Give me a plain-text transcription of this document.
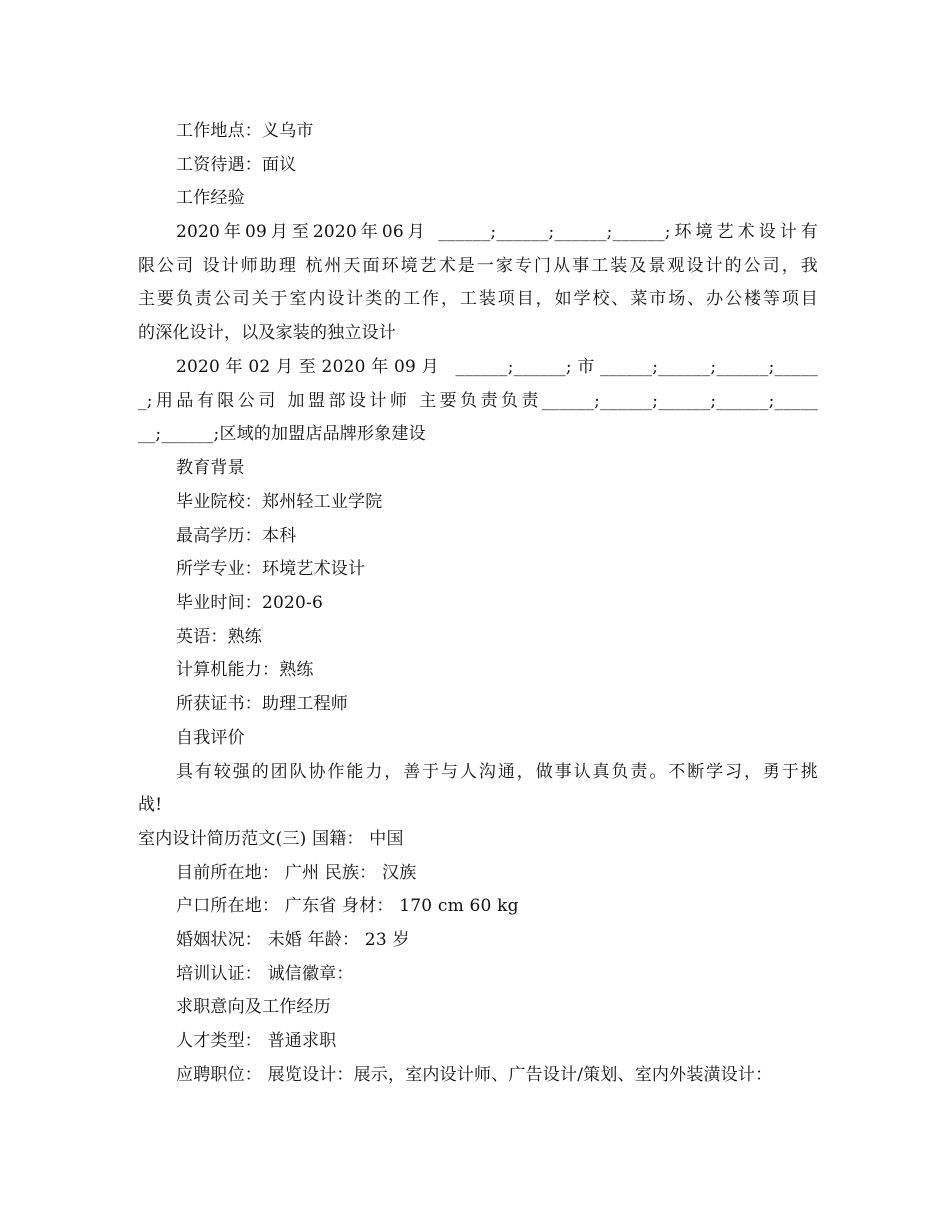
工作地点：义乌市
工资待遇：面议
工作经验
2020年09月至2020年06月 ______;______;______;______;环境艺术设计有
限公司 设计师助理 杭州天面环境艺术是一家专门从事工装及景观设计的公司，我
主要负责公司关于室内设计类的工作，工装项目，如学校、菜市场、办公楼等项目
的深化设计，以及家装的独立设计
2020年02月至2020年09月 ______;______;市______;______;______;_____
_;用品有限公司 加盟部设计师 主要负责负责______;______;______;______;_____
__;______;区域的加盟店品牌形象建设
教育背景
毕业院校：郑州轻工业学院
最高学历：本科
所学专业：环境艺术设计
毕业时间：2020-6
英语：熟练
计算机能力：熟练
所获证书：助理工程师
自我评价
具有较强的团队协作能力，善于与人沟通，做事认真负责。不断学习，勇于挑
战!
室内设计简历范文(三) 国籍： 中国
目前所在地： 广州 民族： 汉族
户口所在地： 广东省 身材： 170 cm 60 kg
婚姻状况： 未婚 年龄： 23 岁
培训认证： 诚信徽章：
求职意向及工作经历
人才类型： 普通求职
应聘职位： 展览设计：展示，室内设计师、广告设计/策划、室内外装潢设计：
